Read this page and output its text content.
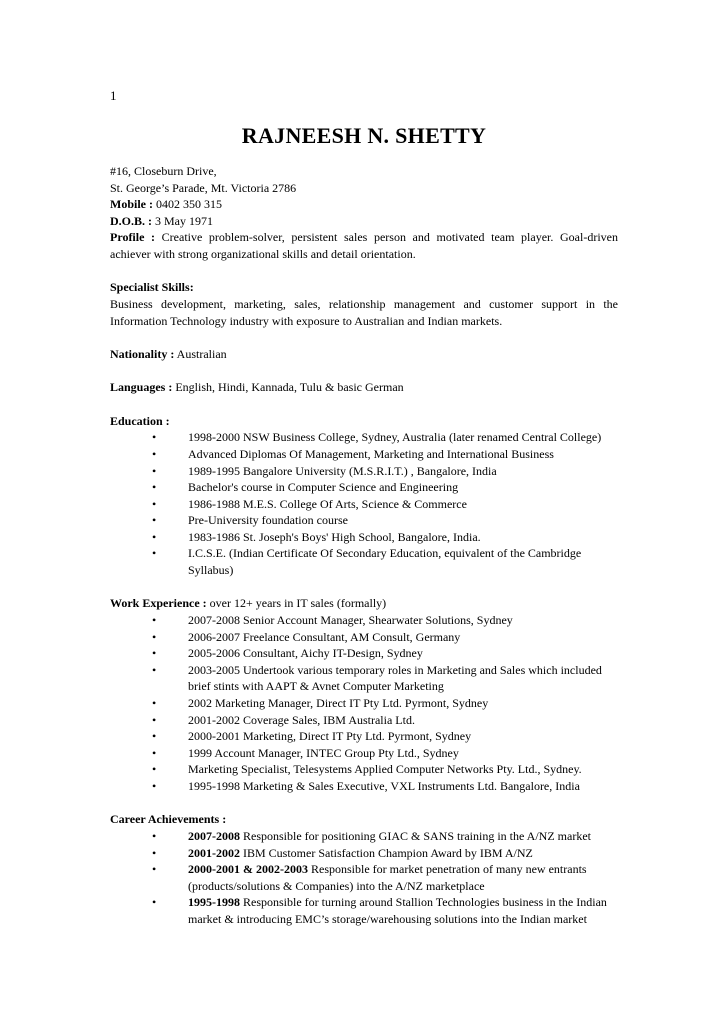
1
RAJNEESH N. SHETTY

#16, Closeburn Drive,

St. George’s Parade, Mt. Victoria 2786

Mobile : 0402 350 315

D.O.B. : 3 May 1971

Profile : Creative problem-solver, persistent sales person and motivated team player. Goal-driven achiever with strong organizational skills and detail orientation.

Specialist Skills:

Business development, marketing, sales, relationship management and customer support in the Information Technology industry with exposure to Australian and Indian markets.

Nationality : Australian

Languages : English, Hindi, Kannada, Tulu & basic German

Education :

•	1998-2000 NSW Business College, Sydney, Australia (later renamed Central College)
•	Advanced Diplomas Of Management, Marketing and International Business
•	1989-1995 Bangalore University (M.S.R.I.T.) , Bangalore, India
•	Bachelor's course in Computer Science and Engineering
•	1986-1988 M.E.S. College Of Arts, Science & Commerce
•	Pre-University foundation course
•	1983-1986 St. Joseph's Boys' High School, Bangalore, India.
•	I.C.S.E. (Indian Certificate Of Secondary Education, equivalent of the Cambridge Syllabus)

Work Experience : over 12+ years in IT sales (formally)

•	2007-2008 Senior Account Manager, Shearwater Solutions, Sydney
•	2006-2007 Freelance Consultant, AM Consult, Germany
•	2005-2006 Consultant, Aichy IT-Design, Sydney
•	2003-2005 Undertook various temporary roles in Marketing and Sales which included brief stints with AAPT & Avnet Computer Marketing
•	2002 Marketing Manager, Direct IT Pty Ltd. Pyrmont, Sydney
•	2001-2002 Coverage Sales, IBM Australia Ltd.
•	2000-2001 Marketing, Direct IT Pty Ltd. Pyrmont, Sydney
•	1999 Account Manager, INTEC Group Pty Ltd., Sydney
•	Marketing Specialist, Telesystems Applied Computer Networks Pty. Ltd., Sydney.
•	1995-1998 Marketing & Sales Executive, VXL Instruments Ltd. Bangalore, India

Career Achievements :

•	2007-2008 Responsible for positioning GIAC & SANS training in the A/NZ market
•	2001-2002 IBM Customer Satisfaction Champion Award by IBM A/NZ
•	2000-2001 & 2002-2003 Responsible for market penetration of many new entrants (products/solutions & Companies) into the A/NZ marketplace
•	1995-1998 Responsible for turning around Stallion Technologies business in the Indian market & introducing EMC’s storage/warehousing solutions into the Indian market
